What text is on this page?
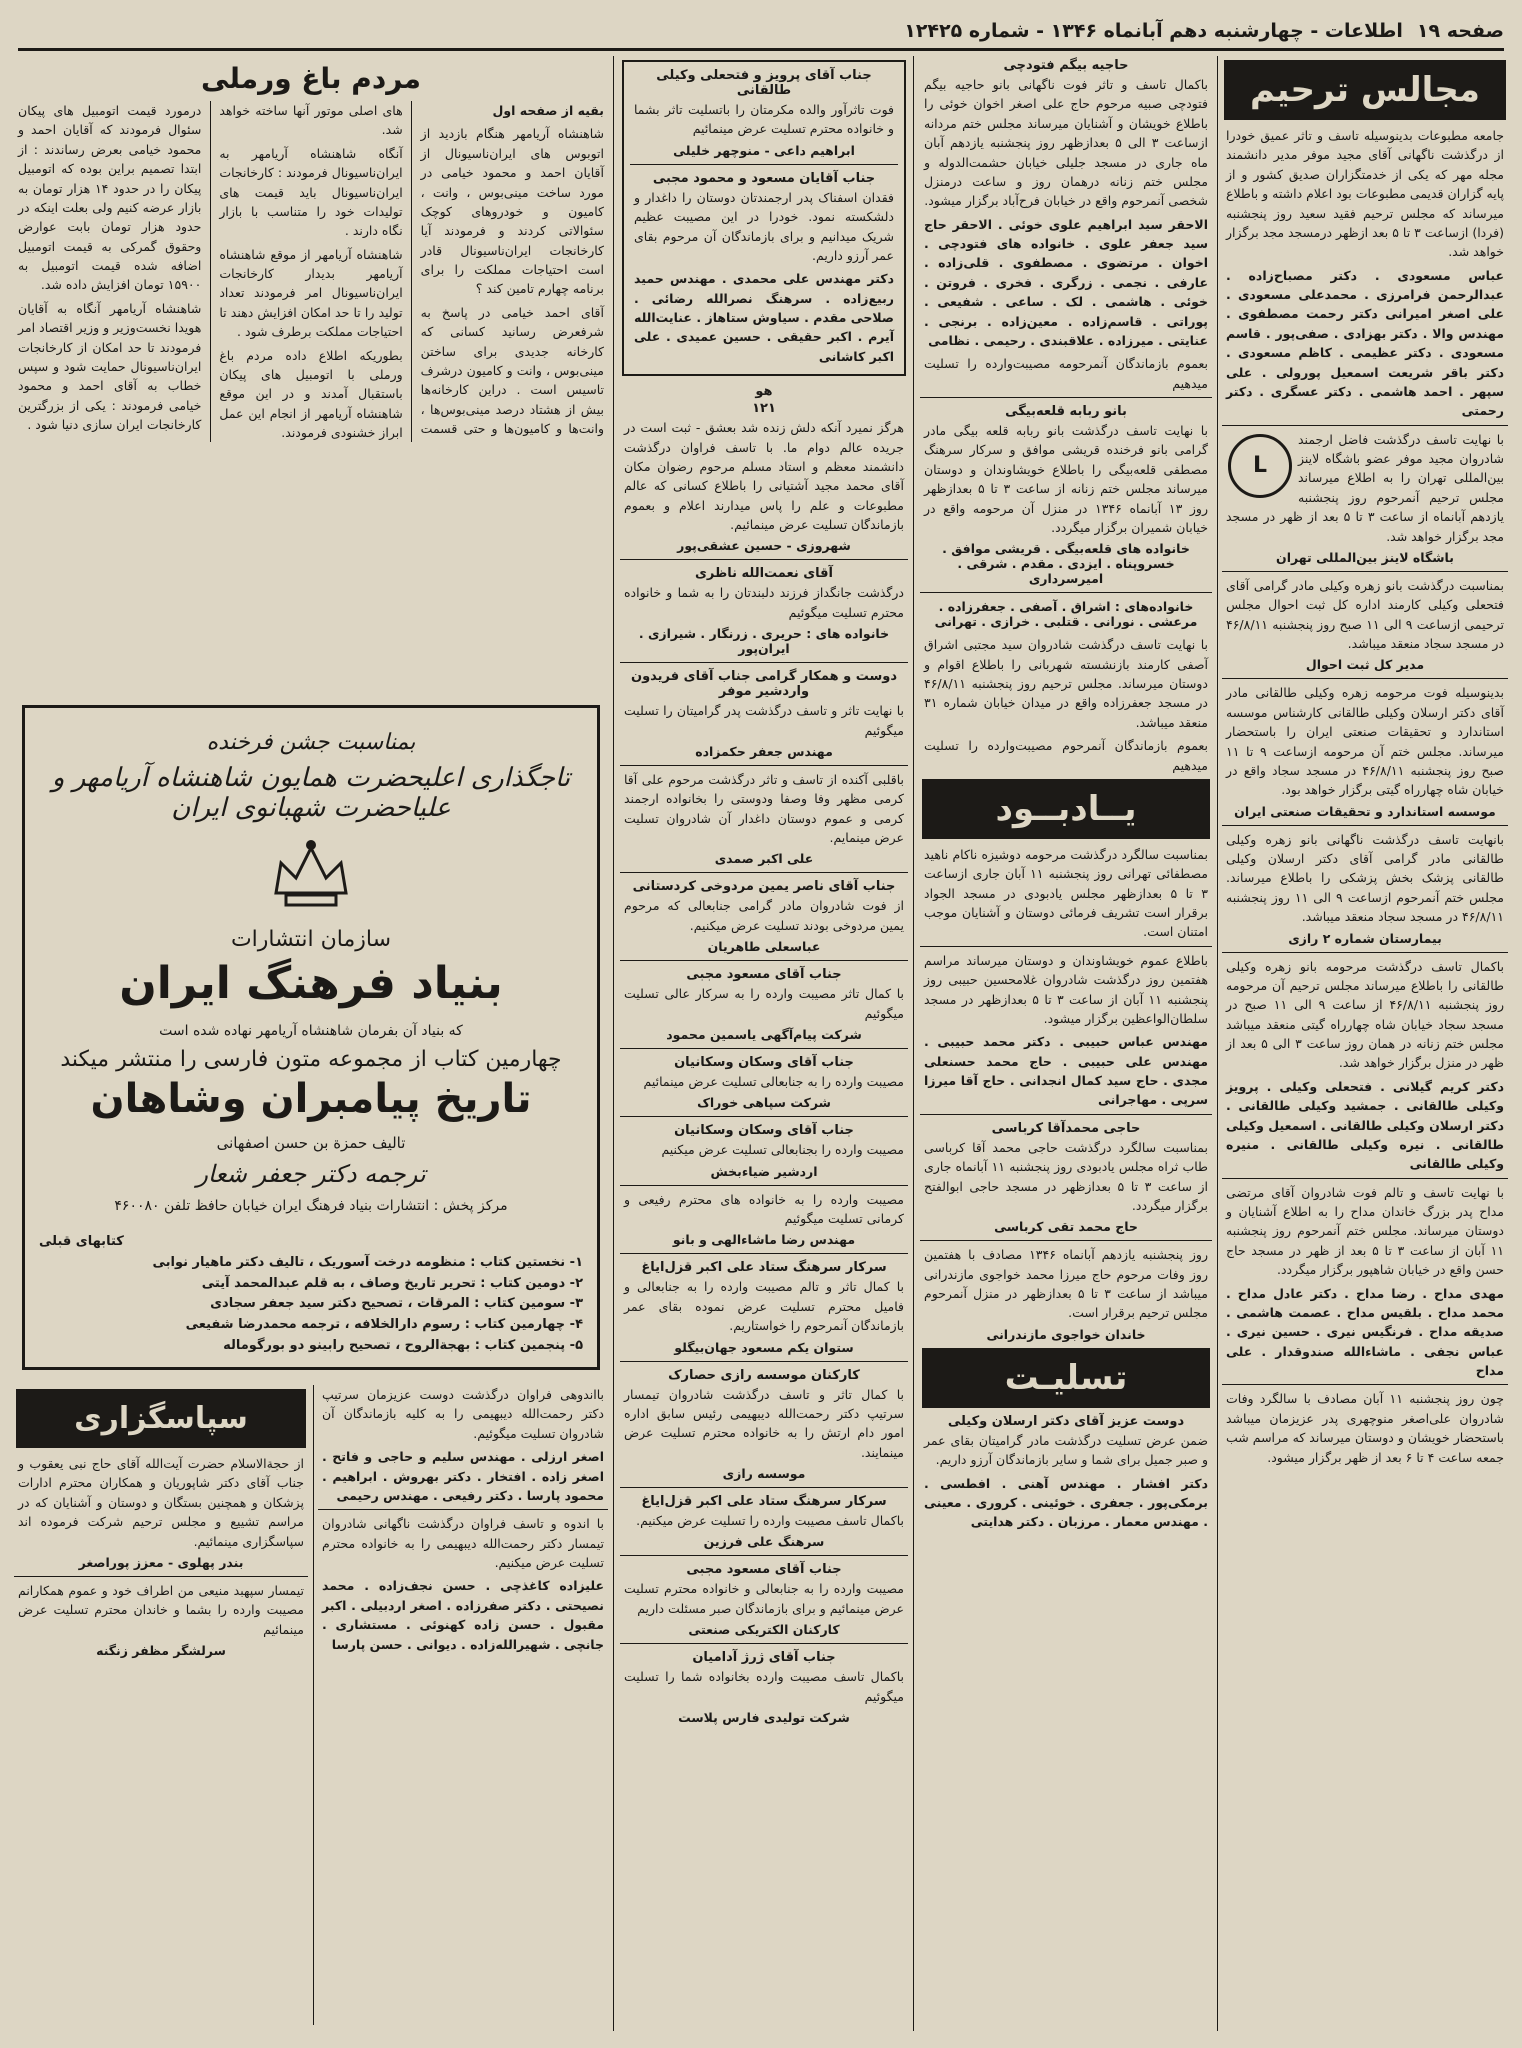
صفحه ۱۹
اطلاعات - چهارشنبه دهم آبانماه ۱۳۴۶ - شماره ۱۲۴۲۵
مجالس ترحیم

جامعه مطبوعات بدینوسیله تاسف و تاثر عمیق خودرا از درگذشت ناگهانی آقای مجید موفر مدیر دانشمند مجله مهر که یکی از خدمتگزاران صدیق کشور و از پایه گزاران قدیمی مطبوعات بود اعلام داشته و باطلاع میرساند که مجلس ترحیم فقید سعید روز پنجشنبه (فردا) ازساعت ۳ تا ۵ بعد ازظهر درمسجد مجد برگزار خواهد شد.

عباس مسعودی . دکتر مصباح‌زاده . عبدالرحمن فرامرزی . محمدعلی مسعودی . علی اصغر امیرانی دکتر رحمت مصطفوی . مهندس والا . دکتر بهزادی . صفی‌پور . قاسم مسعودی . دکتر عظیمی . کاظم مسعودی . دکتر باقر شریعت اسمعیل پورولی . علی سپهر . احمد هاشمی . دکتر عسگری . دکتر رحمتی

L

با نهایت تاسف درگذشت فاضل ارجمند شادروان مجید موفر عضو باشگاه لاینز بین‌المللی تهران را به اطلاع میرساند مجلس ترحیم آنمرحوم روز پنجشنبه یازدهم آبانماه از ساعت ۳ تا ۵ بعد از ظهر در مسجد مجد برگزار خواهد شد.

باشگاه لاینز بین‌المللی تهران

بمناسبت درگذشت بانو زهره وکیلی مادر گرامی آقای فتحعلی وکیلی کارمند اداره کل ثبت احوال مجلس ترحیمی ازساعت ۹ الی ۱۱ صبح روز پنجشنبه ۴۶/۸/۱۱ در مسجد سجاد منعقد میباشد.

مدیر کل ثبت احوال

بدینوسیله فوت مرحومه زهره وکیلی طالقانی مادر آقای دکتر ارسلان وکیلی طالقانی کارشناس موسسه استاندارد و تحقیقات صنعتی ایران را باستحضار میرساند. مجلس ختم آن مرحومه ازساعت ۹ تا ۱۱ صبح روز پنجشنبه ۴۶/۸/۱۱ در مسجد سجاد واقع در خیابان شاه چهارراه گیتی برگزار خواهد بود.

موسسه استاندارد و تحقیقات صنعتی ایران

بانهایت تاسف درگذشت ناگهانی بانو زهره وکیلی طالقانی مادر گرامی آقای دکتر ارسلان وکیلی طالقانی پزشک بخش پزشکی را باطلاع میرساند. مجلس ختم آنمرحوم ازساعت ۹ الی ۱۱ روز پنجشنبه ۴۶/۸/۱۱ در مسجد سجاد منعقد میباشد.

بیمارستان شماره ۲ رازی

باکمال تاسف درگذشت مرحومه بانو زهره وکیلی طالقانی را باطلاع میرساند مجلس ترحیم آن مرحومه روز پنجشنبه ۴۶/۸/۱۱ از ساعت ۹ الی ۱۱ صبح در مسجد سجاد خیابان شاه چهارراه گیتی منعقد میباشد مجلس ختم زنانه در همان روز ساعت ۳ الی ۵ بعد از ظهر در منزل برگزار خواهد شد.

دکتر کریم گیلانی . فتحعلی وکیلی . پرویز وکیلی طالقانی . جمشید وکیلی طالقانی . دکتر ارسلان وکیلی طالقانی . اسمعیل وکیلی طالقانی . نیره وکیلی طالقانی . منیره وکیلی طالقانی

با نهایت تاسف و تالم فوت شادروان آقای مرتضی مداح پدر بزرگ خاندان مداح را به اطلاع آشنایان و دوستان میرساند. مجلس ختم آنمرحوم روز پنجشنبه ۱۱ آبان از ساعت ۳ تا ۵ بعد از ظهر در مسجد حاج حسن واقع در خیابان شاهپور برگزار میگردد.

مهدی مداح . رضا مداح . دکتر عادل مداح . محمد مداح . بلقیس مداح . عصمت هاشمی . صدیقه مداح . فرنگیس نیری . حسین نیری . عباس نجفی . ماشاءالله صندوقدار . علی مداح

چون روز پنجشنبه ۱۱ آبان مصادف با سالگرد وفات شادروان علی‌اصغر منوچهری پدر عزیزمان میباشد باستحضار خویشان و دوستان میرساند که مراسم شب جمعه ساعت ۴ تا ۶ بعد از ظهر برگزار میشود.

حاجیه بیگم فتودچی

باکمال تاسف و تاثر فوت ناگهانی بانو حاجیه بیگم فتودچی صبیه مرحوم حاج علی اصغر اخوان خوئی را باطلاع خویشان و آشنایان میرساند مجلس ختم مردانه ازساعت ۳ الی ۵ بعدازظهر روز پنجشنبه یازدهم آبان ماه جاری در مسجد جلیلی خیابان حشمت‌الدوله و مجلس ختم زنانه درهمان روز و ساعت درمنزل شخصی آنمرحوم واقع در خیابان فرح‌آباد برگزار میشود.

الاحقر سید ابراهیم علوی خوئی . الاحقر حاج سید جعفر علوی . خانواده های فتودچی . اخوان . مرتضوی . مصطفوی . قلی‌زاده . عارفی . نجمی . زرگری . فخری . فروتن . خوئی . هاشمی . لک . ساعی . شفیعی . پوراتی . قاسم‌زاده . معین‌زاده . برنجی . عنایتی . میرزاده . علاقبندی . رحیمی . نظامی

بعموم بازماندگان آنمرحومه مصیبت‌وارده را تسلیت میدهیم

بانو ربابه قلعه‌بیگی

با نهایت تاسف درگذشت بانو ربابه قلعه بیگی مادر گرامی بانو فرخنده قریشی موافق و سرکار سرهنگ مصطفی قلعه‌بیگی را باطلاع خویشاوندان و دوستان میرساند مجلس ختم زنانه از ساعت ۳ تا ۵ بعدازظهر روز ۱۳ آبانماه ۱۳۴۶ در منزل آن مرحومه واقع در خیابان شمیران برگزار میگردد.

خانواده های قلعه‌بیگی . قریشی موافق . خسروپناه . ایزدی . مقدم . شرقی . امیرسرداری
خانواده‌های : اشراق . آصفی . جعفرزاده . مرعشی . نورانی . قتلبی . خرازی . تهرانی

با نهایت تاسف درگذشت شادروان سید مجتبی اشراق آصفی کارمند بازنشسته شهربانی را باطلاع اقوام و دوستان میرساند. مجلس ترحیم روز پنجشنبه ۴۶/۸/۱۱ در مسجد جعفرزاده واقع در میدان خیابان شماره ۳۱ منعقد میباشد.

بعموم بازماندگان آنمرحوم مصیبت‌وارده را تسلیت میدهیم

یــادبــود

بمناسبت سالگرد درگذشت مرحومه دوشیزه ناکام ناهید مصطفائی تهرانی روز پنجشنبه ۱۱ آبان جاری ازساعت ۳ تا ۵ بعدازظهر مجلس یادبودی در مسجد الجواد برقرار است تشریف فرمائی دوستان و آشنایان موجب امتنان است.

باطلاع عموم خویشاوندان و دوستان میرساند مراسم هفتمین روز درگذشت شادروان غلامحسین حبیبی روز پنجشنبه ۱۱ آبان از ساعت ۳ تا ۵ بعدازظهر در مسجد سلطان‌الواعظین برگزار میشود.

مهندس عباس حبیبی . دکتر محمد حبیبی . مهندس علی حبیبی . حاج محمد حسنعلی مجدی . حاج سید کمال انجدانی . حاج آقا میرزا سرپی . مهاجرانی

حاجی محمدآقا کرباسی

بمناسبت سالگرد درگذشت حاجی محمد آقا کرباسی طاب ثراه مجلس یادبودی روز پنجشنبه ۱۱ آبانماه جاری از ساعت ۳ تا ۵ بعدازظهر در مسجد حاجی ابوالفتح برگزار میگردد.

حاج محمد تقی کرباسی

روز پنجشنبه یازدهم آبانماه ۱۳۴۶ مصادف با هفتمین روز وفات مرحوم حاج میرزا محمد خواجوی مازندرانی میباشد از ساعت ۳ تا ۵ بعدازظهر در منزل آنمرحوم مجلس ترحیم برقرار است.

خاندان خواجوی مازندرانی
تسلیـت
دوست عزیز آقای دکتر ارسلان وکیلی

ضمن عرض تسلیت درگذشت مادر گرامیتان بقای عمر و صبر جمیل برای شما و سایر بازماندگان آرزو داریم.

دکتر افشار . مهندس آهنی . افطسی . برمکی‌پور . جعفری . خوئینی . کروری . معینی . مهندس معمار . مرزبان . دکتر هدایتی

جناب آقای پرویز و فتحعلی وکیلی طالقانی

فوت تاثرآور والده مکرمتان را باتسلیت تاثر بشما و خانواده محترم تسلیت عرض مینمائیم

ابراهیم داعی - منوچهر خلیلی
جناب آقایان مسعود و محمود مجبی

فقدان اسفناک پدر ارجمندتان دوستان را داغدار و دلشکسته نمود. خودرا در این مصیبت عظیم شریک میدانیم و برای بازماندگان آن مرحوم بقای عمر آرزو داریم.

دکتر مهندس علی محمدی . مهندس حمید ربیع‌زاده . سرهنگ نصرالله رضائی . صلاحی مقدم . سیاوش ستاهاز . عنایت‌الله آیرم . اکبر حقیقی . حسین عمیدی . علی اکبر کاشانی

هو
۱۲۱

هرگز نمیرد آنکه دلش زنده شد بعشق - ثبت است در جریده عالم دوام ما. با تاسف فراوان درگذشت دانشمند معظم و استاد مسلم مرحوم رضوان مکان آقای محمد مجید آشتیانی را باطلاع کسانی که عالم مطبوعات و علم را پاس میدارند اعلام و بعموم بازماندگان تسلیت عرض مینمائیم.

شهروزی - حسین عشقی‌پور
آقای نعمت‌الله ناظری

درگذشت جانگداز فرزند دلبندتان را به شما و خانواده محترم تسلیت میگوئیم

خانواده های : حریری . زرنگار . شیرازی . ایران‌پور
دوست و همکار گرامی جناب آقای فریدون واردشیر موفر

با نهایت تاثر و تاسف درگذشت پدر گرامیتان را تسلیت میگوئیم

مهندس جعفر حکمزاده

باقلبی آکنده از تاسف و تاثر درگذشت مرحوم علی آقا کرمی مظهر وفا وصفا ودوستی را بخانواده ارجمند کرمی و عموم دوستان داغدار آن شادروان تسلیت عرض مینمایم.

علی اکبر صمدی
جناب آقای ناصر یمین مردوخی کردستانی

از فوت شادروان مادر گرامی جنابعالی که مرحوم یمین مردوخی بودند تسلیت عرض میکنیم.

عباسعلی طاهریان
جناب آقای مسعود مجبی

با کمال تاثر مصیبت وارده را به سرکار عالی تسلیت میگوئیم

شرکت پیام‌آگهی یاسمین محمود
جناب آقای وسکان وسکانیان

مصیبت وارده را به جنابعالی تسلیت عرض مینمائیم

شرکت سپاهی خوراک
جناب آقای وسکان وسکانیان

مصیبت وارده را بجنابعالی تسلیت عرض میکنیم

اردشیر ضیاءبخش

مصیبت وارده را به خانواده های محترم رفیعی و کرمانی تسلیت میگوئیم

مهندس رضا ماشاءالهی و بانو
سرکار سرهنگ ستاد علی اکبر قزل‌ایاغ

با کمال تاثر و تالم مصیبت وارده را به جنابعالی و فامیل محترم تسلیت عرض نموده بقای عمر بازماندگان آنمرحوم را خواستاریم.

ستوان یکم مسعود جهان‌بیگلو
کارکنان موسسه رازی حصارک

با کمال تاثر و تاسف درگذشت شادروان تیمسار سرتیپ دکتر رحمت‌الله دیبهیمی رئیس سابق اداره امور دام ارتش را به خانواده محترم تسلیت عرض مینمایند.

موسسه رازی
سرکار سرهنگ ستاد علی اکبر قزل‌ایاغ

باکمال تاسف مصیبت وارده را تسلیت عرض میکنیم.

سرهنگ علی فرزین
جناب آقای مسعود مجبی

مصیبت وارده را به جنابعالی و خانواده محترم تسلیت عرض مینمائیم و برای بازماندگان صبر مسئلت داریم

کارکنان الکتریکی صنعتی
جناب آقای ژرژ آدامیان

باکمال تاسف مصیبت وارده بخانواده شما را تسلیت میگوئیم

شرکت تولیدی فارس پلاست
مردم باغ ورملی

بقیه از صفحه اول

شاهنشاه آریامهر هنگام بازدید از اتوبوس های ایران‌ناسیونال از آقایان احمد و محمود خیامی در مورد ساخت مینی‌بوس ، وانت ، کامیون و خودروهای کوچک سئوالاتی کردند و فرمودند آیا کارخانجات ایران‌ناسیونال قادر است احتیاجات مملکت را برای برنامه چهارم تامین کند ؟

آقای احمد خیامی در پاسخ به شرفعرض رسانید کسانی که کارخانه جدیدی برای ساختن مینی‌بوس ، وانت و کامیون درشرف تاسیس است . دراین کارخانه‌ها بیش از هشتاد درصد مینی‌بوس‌ها ، وانت‌ها و کامیون‌ها و حتی قسمت های اصلی موتور آنها ساخته خواهد شد.

آنگاه شاهنشاه آریامهر به ایران‌ناسیونال فرمودند : کارخانجات ایران‌ناسیونال باید قیمت های تولیدات خود را متناسب با بازار نگاه دارند .

شاهنشاه آریامهر از موقع شاهنشاه آریامهر بدیدار کارخانجات ایران‌ناسیونال امر فرمودند تعداد تولید را تا حد امکان افزایش دهند تا احتیاجات مملکت برطرف شود .

بطوریکه اطلاع داده مردم باغ ورملی با اتومبیل های پیکان باستقبال آمدند و در این موقع شاهنشاه آریامهر از انجام این عمل ابراز خشنودی فرمودند.

درمورد قیمت اتومبیل های پیکان سئوال فرمودند که آقایان احمد و محمود خیامی بعرض رساندند : از ابتدا تصمیم براین بوده که اتومبیل پیکان را در حدود ۱۴ هزار تومان به بازار عرضه کنیم ولی بعلت اینکه در حدود هزار تومان بابت عوارض وحقوق گمرکی به قیمت اتومبیل اضافه شده قیمت اتومبیل به ۱۵۹۰۰ تومان افزایش داده شد.

شاهنشاه آریامهر آنگاه به آقایان هویدا نخست‌وزیر و وزیر اقتصاد امر فرمودند تا حد امکان از کارخانجات ایران‌ناسیونال حمایت شود و سپس خطاب به آقای احمد و محمود خیامی فرمودند : یکی از بزرگترین کارخانجات ایران سازی دنیا شود .

بمناسبت جشن فرخنده
تاجگذاری اعلیحضرت همایون شاهنشاه آریامهر و علیاحضرت شهبانوی ایران
سازمان انتشارات
بنیاد فرهنگ ایران
که بنیاد آن بفرمان شاهنشاه آریامهر نهاده شده است
چهارمین کتاب از مجموعه متون فارسی را منتشر میکند
تاریخ پیامبران وشاهان
تالیف حمزة بن حسن اصفهانی
ترجمه دکتر جعفر شعار
مرکز پخش : انتشارات بنیاد فرهنگ ایران خیابان حافظ تلفن ۴۶۰۰۸۰
کتابهای قبلی
۱- نخستین کتاب : منظومه درخت آسوریک ، تالیف دکتر ماهیار نوابی
۲- دومین کتاب : تحریر تاریخ وصاف ، به قلم عبدالمحمد آیتی
۳- سومین کتاب : المرقات ، تصحیح دکتر سید جعفر سجادی
۴- چهارمین کتاب : رسوم دارالخلافه ، ترجمه محمدرضا شفیعی
۵- پنجمین کتاب : بهجة‌الروح ، تصحیح رابینو دو بورگوماله

بااندوهی فراوان درگذشت دوست عزیزمان سرتیپ دکتر رحمت‌الله دیبهیمی را به کلیه بازماندگان آن شادروان تسلیت میگوئیم.

اصغر ارزلی . مهندس سلیم و حاجی و فاتح . اصغر زاده . افتخار . دکتر بهروش . ابراهیم . محمود پارسا . دکتر رفیعی . مهندس رحیمی

با اندوه و تاسف فراوان درگذشت ناگهانی شادروان تیمسار دکتر رحمت‌الله دیبهیمی را به خانواده محترم تسلیت عرض میکنیم.

علیزاده کاغذچی . حسن نجف‌زاده . محمد نصیحتی . دکتر صفرزاده . اصغر اردبیلی . اکبر مقبول . حسن زاده کهنوئی . مستشاری . جانچی . شهیرالله‌زاده . دیوانی . حسن پارسا

سپاسگزاری

از حجةالاسلام حضرت آیت‌الله آقای حاج نبی یعقوب و جناب آقای دکتر شاپوریان و همکاران محترم ادارات پزشکان و همچنین بستگان و دوستان و آشنایان که در مراسم تشییع و مجلس ترحیم شرکت فرموده اند سپاسگزاری مینمائیم.

بندر پهلوی - معزز پوراصغر

تیمسار سپهبد منیعی من اطراف خود و عموم همکارانم مصیبت وارده را بشما و خاندان محترم تسلیت عرض مینمائیم

سرلشگر مظفر زنگنه
